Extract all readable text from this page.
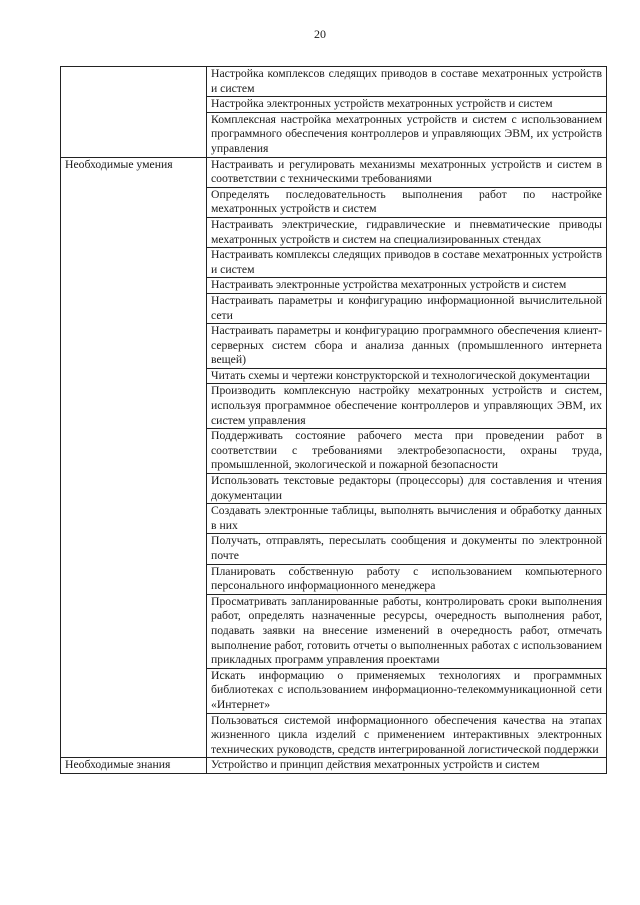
20

	Настройка комплексов следящих приводов в составе мехатронных устройств и систем

	Настройка электронных устройств мехатронных устройств и систем

	Комплексная настройка мехатронных устройств и систем с использованием программного обеспечения контроллеров и управляющих ЭВМ, их устройств управления

Необходимые умения	Настраивать и регулировать механизмы мехатронных устройств и систем в соответствии с техническими требованиями

	Определять последовательность выполнения работ по настройке мехатронных устройств и систем

	Настраивать электрические, гидравлические и пневматические приводы мехатронных устройств и систем на специализированных стендах

	Настраивать комплексы следящих приводов в составе мехатронных устройств и систем

	Настраивать электронные устройства мехатронных устройств и систем

	Настраивать параметры и конфигурацию информационной вычислительной сети

	Настраивать параметры и конфигурацию программного обеспечения клиент-серверных систем сбора и анализа данных (промышленного интернета вещей)

	Читать схемы и чертежи конструкторской и технологической документации

	Производить комплексную настройку мехатронных устройств и систем, используя программное обеспечение контроллеров и управляющих ЭВМ, их систем управления

	Поддерживать состояние рабочего места при проведении работ в соответствии с требованиями электробезопасности, охраны труда, промышленной, экологической и пожарной безопасности

	Использовать текстовые редакторы (процессоры) для составления и чтения документации

	Создавать электронные таблицы, выполнять вычисления и обработку данных в них

	Получать, отправлять, пересылать сообщения и документы по электронной почте

	Планировать собственную работу с использованием компьютерного персонального информационного менеджера

	Просматривать запланированные работы, контролировать сроки выполнения работ, определять назначенные ресурсы, очередность выполнения работ, подавать заявки на внесение изменений в очередность работ, отмечать выполнение работ, готовить отчеты о выполненных работах с использованием прикладных программ управления проектами

	Искать информацию о применяемых технологиях и программных библиотеках с использованием информационно-телекоммуникационной сети «Интернет»

	Пользоваться системой информационного обеспечения качества на этапах жизненного цикла изделий с применением интерактивных электронных технических руководств, средств интегрированной логистической поддержки

Необходимые знания	Устройство и принцип действия мехатронных устройств и систем
